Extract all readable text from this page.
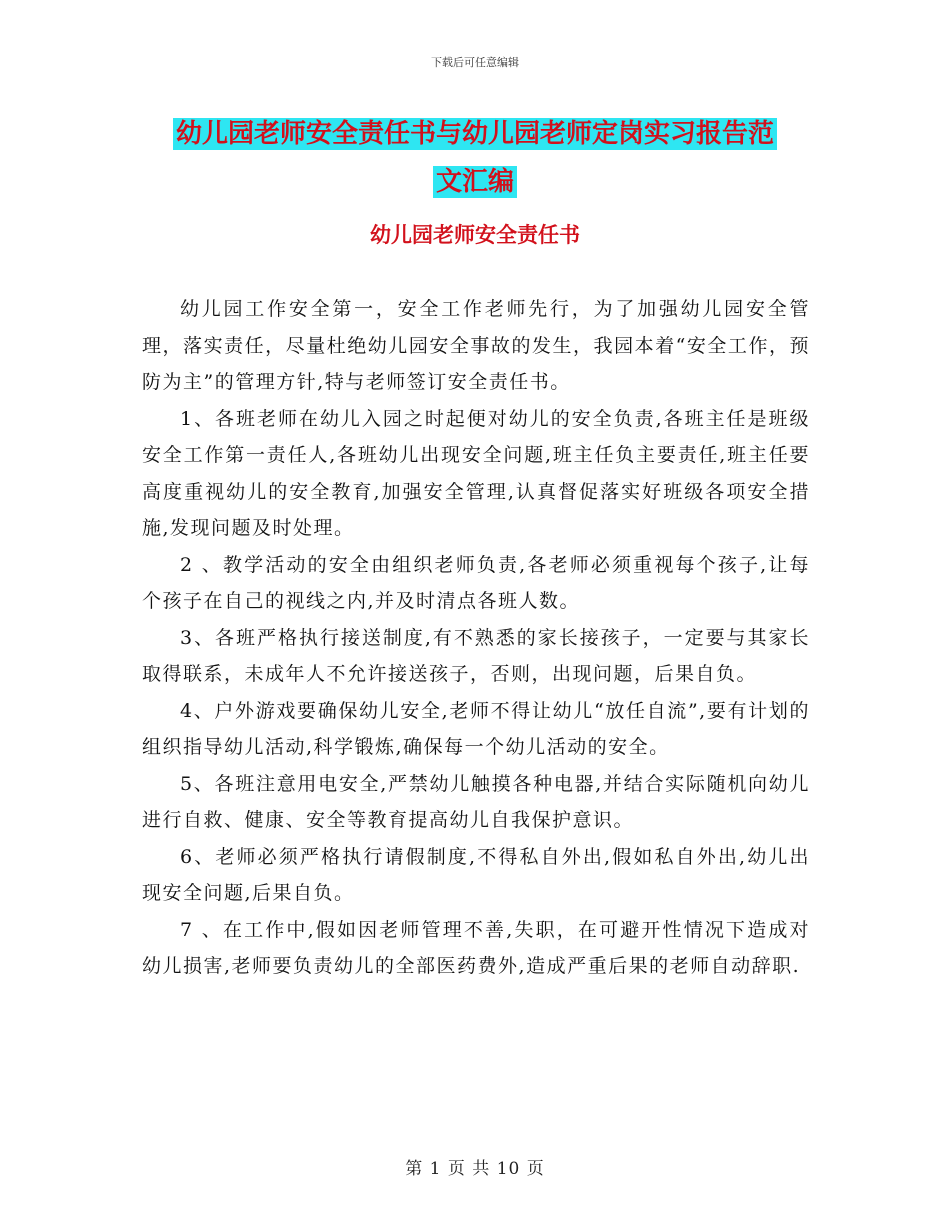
下载后可任意编辑
幼儿园老师安全责任书与幼儿园老师定岗实习报告范
文汇编
幼儿园老师安全责任书

幼儿园工作安全第一，安全工作老师先行，为了加强幼儿园安全管理，落实责任，尽量杜绝幼儿园安全事故的发生，我园本着“安全工作，预防为主”的管理方针,特与老师签订安全责任书。

1、各班老师在幼儿入园之时起便对幼儿的安全负责,各班主任是班级安全工作第一责任人,各班幼儿出现安全问题,班主任负主要责任,班主任要高度重视幼儿的安全教育,加强安全管理,认真督促落实好班级各项安全措施,发现问题及时处理。

2 、教学活动的安全由组织老师负责,各老师必须重视每个孩子,让每个孩子在自己的视线之内,并及时清点各班人数。

3、各班严格执行接送制度,有不熟悉的家长接孩子，一定要与其家长取得联系，未成年人不允许接送孩子，否则，出现问题，后果自负。

4、户外游戏要确保幼儿安全,老师不得让幼儿“放任自流”,要有计划的组织指导幼儿活动,科学锻炼,确保每一个幼儿活动的安全。

5、各班注意用电安全,严禁幼儿触摸各种电器,并结合实际随机向幼儿进行自救、健康、安全等教育提高幼儿自我保护意识。

6、老师必须严格执行请假制度,不得私自外出,假如私自外出,幼儿出现安全问题,后果自负。

7 、在工作中,假如因老师管理不善,失职，在可避开性情况下造成对幼儿损害,老师要负责幼儿的全部医药费外,造成严重后果的老师自动辞职.

第 1 页 共 10 页
